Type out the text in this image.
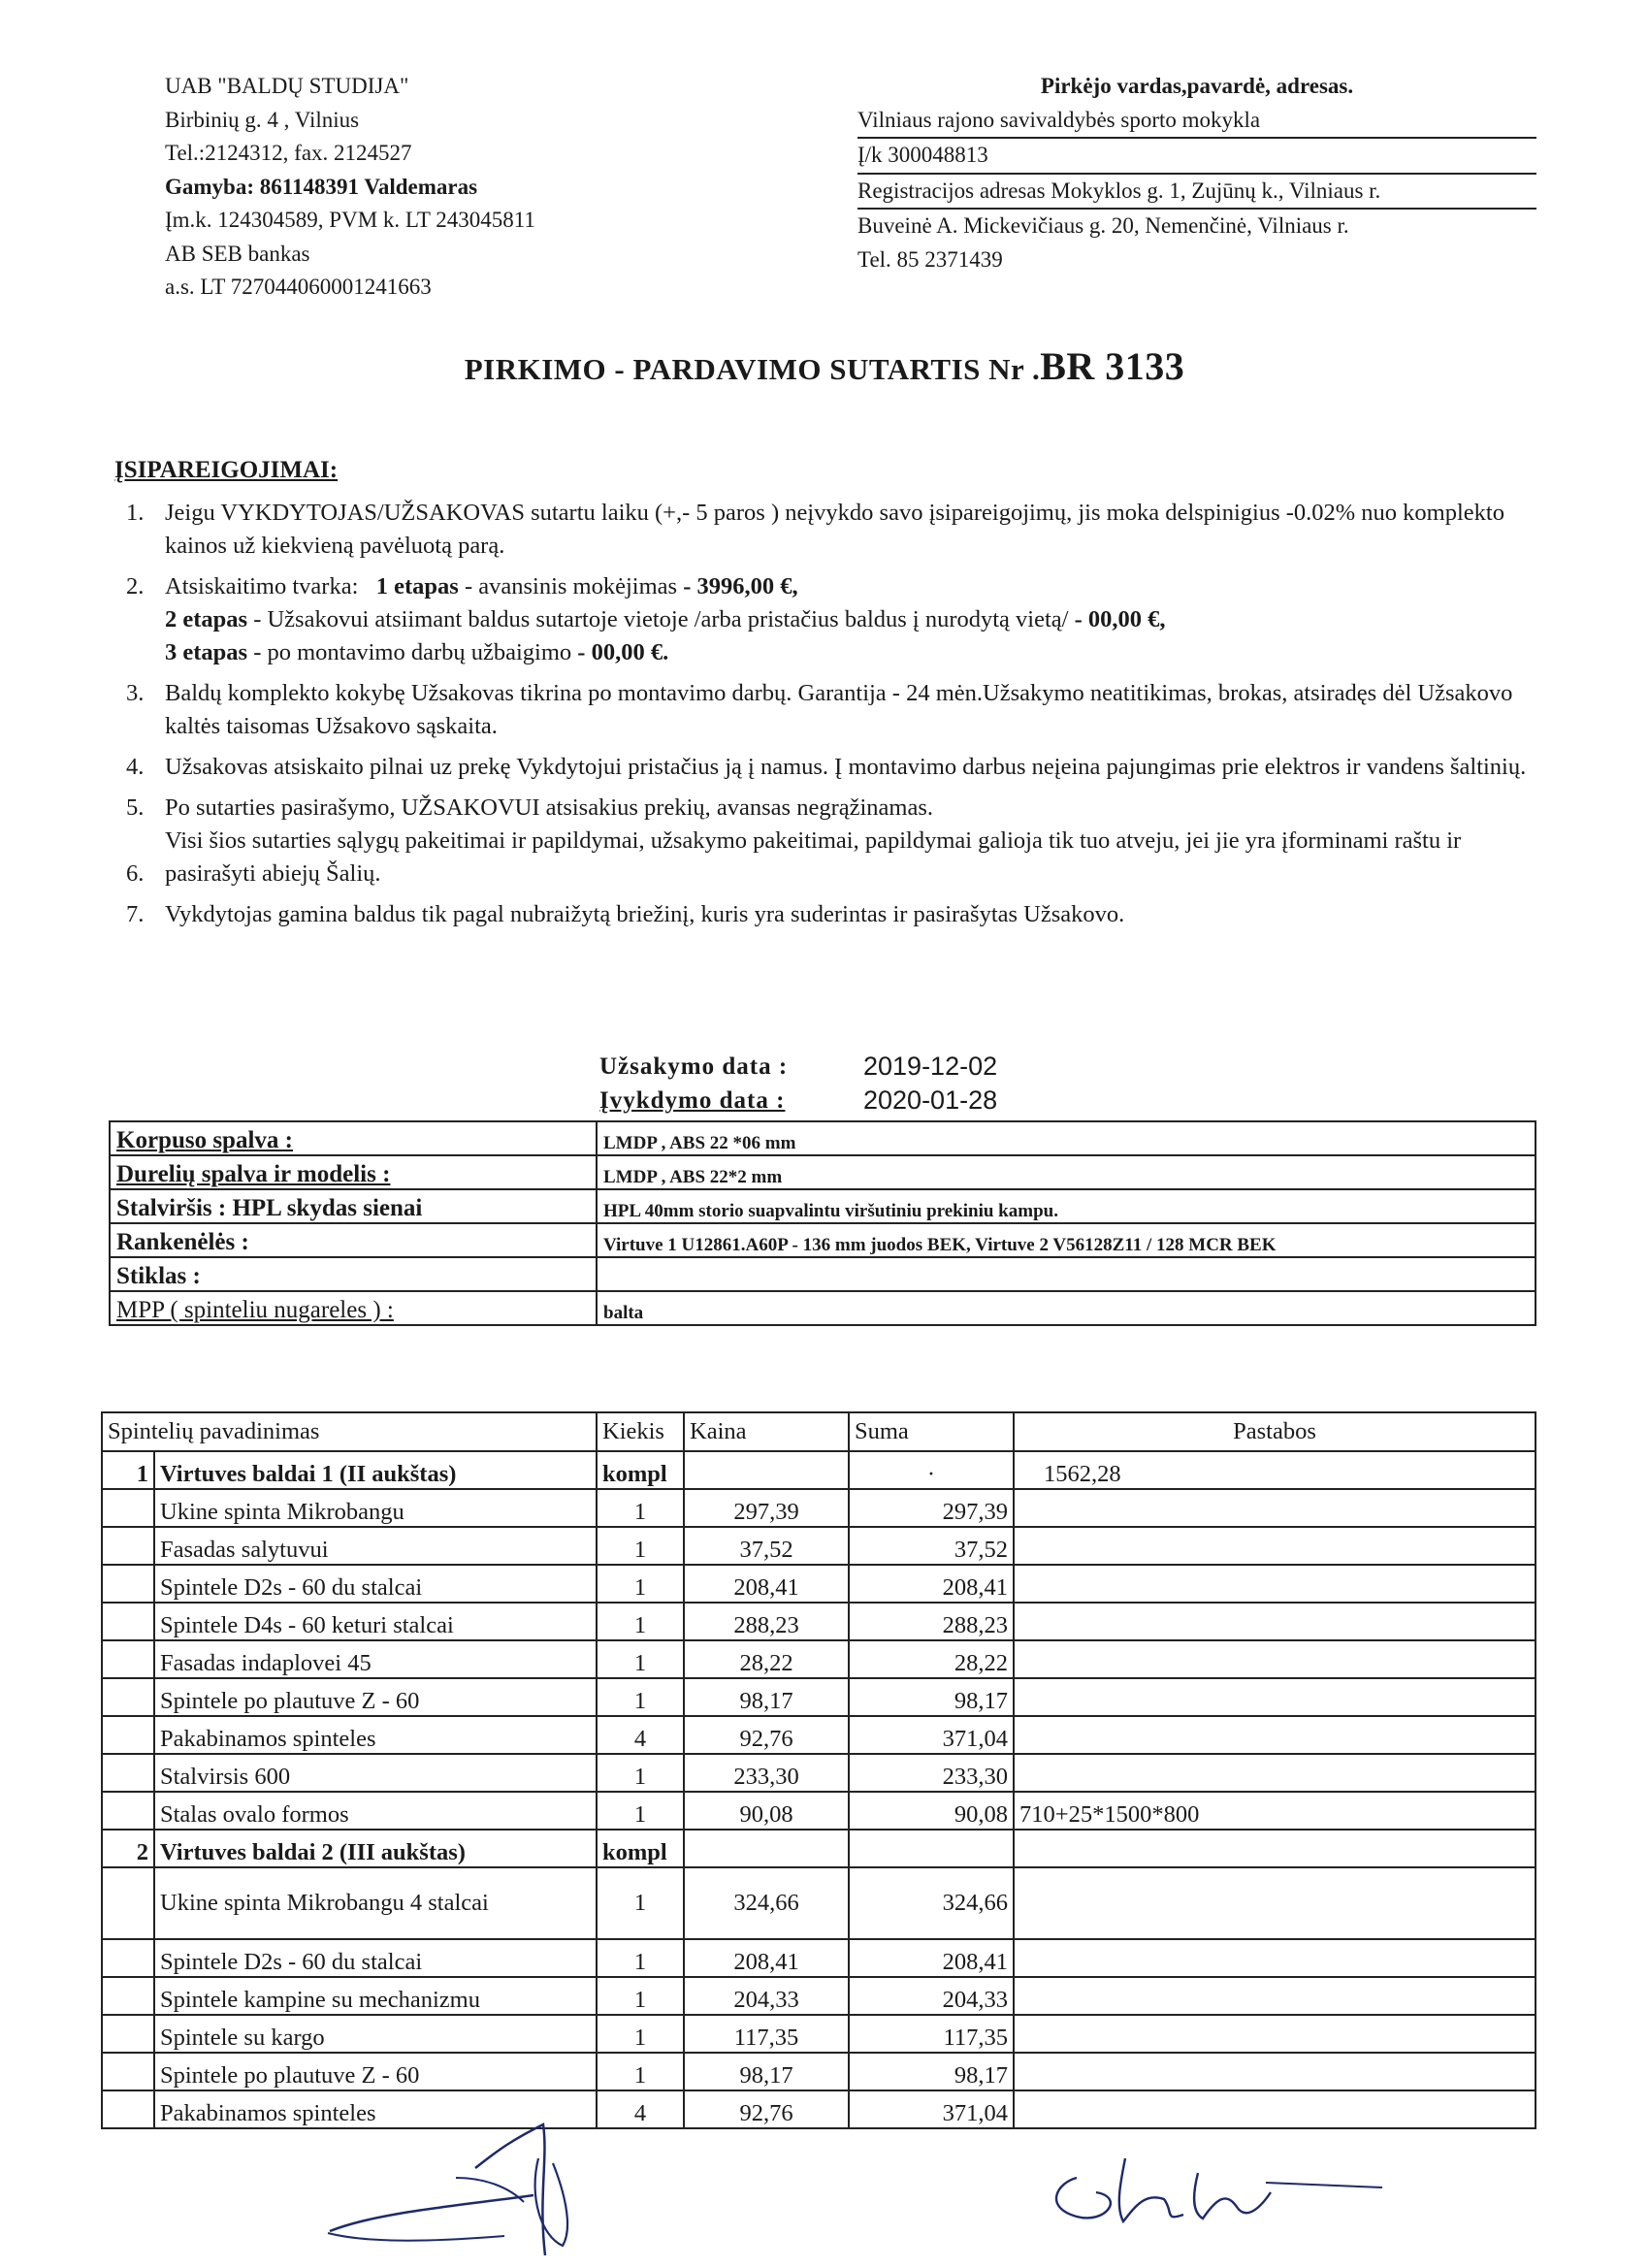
UAB "BALDŲ STUDIJA"
Birbinių g. 4 , Vilnius
Tel.:2124312, fax. 2124527
Gamyba: 861148391 Valdemaras
Įm.k. 124304589, PVM k. LT 243045811
AB SEB bankas
a.s. LT 727044060001241663
Pirkėjo vardas,pavardė, adresas.
Vilniaus rajono savivaldybės sporto mokykla
Į/k 300048813
Registracijos adresas Mokyklos g. 1, Zujūnų k., Vilniaus r.
Buveinė A. Mickevičiaus g. 20, Nemenčinė, Vilniaus r.
Tel. 85 2371439
PIRKIMO - PARDAVIMO SUTARTIS Nr .BR 3133
ĮSIPAREIGOJIMAI:
1. Jeigu VYKDYTOJAS/UŽSAKOVAS sutartu laiku (+,- 5 paros ) neįvykdo savo įsipareigojimų, jis moka delspinigius -0.02% nuo komplekto kainos už kiekvieną pavėluotą parą.
2. Atsiskaitimo tvarka: 1 etapas - avansinis mokėjimas - 3996,00 €,
2 etapas - Užsakovui atsiimant baldus sutartoje vietoje /arba pristačius baldus į nurodytą vietą/ - 00,00 €,
3 etapas - po montavimo darbų užbaigimo - 00,00 €.
3. Baldų komplekto kokybę Užsakovas tikrina po montavimo darbų. Garantija - 24 mėn.Užsakymo neatitikimas, brokas, atsiradęs dėl Užsakovo kaltės taisomas Užsakovo sąskaita.
4. Užsakovas atsiskaito pilnai uz prekę Vykdytojui pristačius ją į namus. Į montavimo darbus neįeina pajungimas prie elektros ir vandens šaltinių.
5. Po sutarties pasirašymo, UŽSAKOVUI atsisakius prekių, avansas negrąžinamas.
6.
Visi šios sutarties sąlygų pakeitimai ir papildymai, užsakymo pakeitimai, papildymai galioja tik tuo atveju, jei jie yra įforminami raštu ir pasirašyti abiejų Šalių.
7. Vykdytojas gamina baldus tik pagal nubraižytą briežinį, kuris yra suderintas ir pasirašytas Užsakovo.
Užsakymo data :	2019-12-02
Įvykdymo data :	2020-01-28
Korpuso spalva :	LMDP , ABS 22 *06 mm
Durelių spalva ir modelis :	LMDP , ABS 22*2 mm
Stalviršis : HPL skydas sienai	HPL 40mm storio suapvalintu viršutiniu prekiniu kampu.
Rankenėlės :	Virtuve 1 U12861.A60P - 136 mm juodos BEK, Virtuve 2 V56128Z11 / 128 MCR BEK
Stiklas :	
MPP ( spinteliu nugareles ) :	balta
Spintelių pavadinimas		Kiekis	Kaina	Suma	Pastabos
1	Virtuves baldai 1 (II aukštas)	kompl		·	1562,28
	Ukine spinta Mikrobangu	1	297,39	297,39	
	Fasadas salytuvui	1	37,52	37,52	
	Spintele D2s - 60 du stalcai	1	208,41	208,41	
	Spintele D4s - 60 keturi stalcai	1	288,23	288,23	
	Fasadas indaplovei 45	1	28,22	28,22	
	Spintele po plautuve Z - 60	1	98,17	98,17	
	Pakabinamos spinteles	4	92,76	371,04	
	Stalvirsis 600	1	233,30	233,30	
	Stalas ovalo formos	1	90,08	90,08	710+25*1500*800
2	Virtuves baldai 2 (III aukštas)	kompl			
	Ukine spinta Mikrobangu 4 stalcai	1	324,66	324,66	
	Spintele D2s - 60 du stalcai	1	208,41	208,41	
	Spintele kampine su mechanizmu	1	204,33	204,33	
	Spintele su kargo	1	117,35	117,35	
	Spintele po plautuve Z - 60	1	98,17	98,17	
	Pakabinamos spinteles	4	92,76	371,04	
